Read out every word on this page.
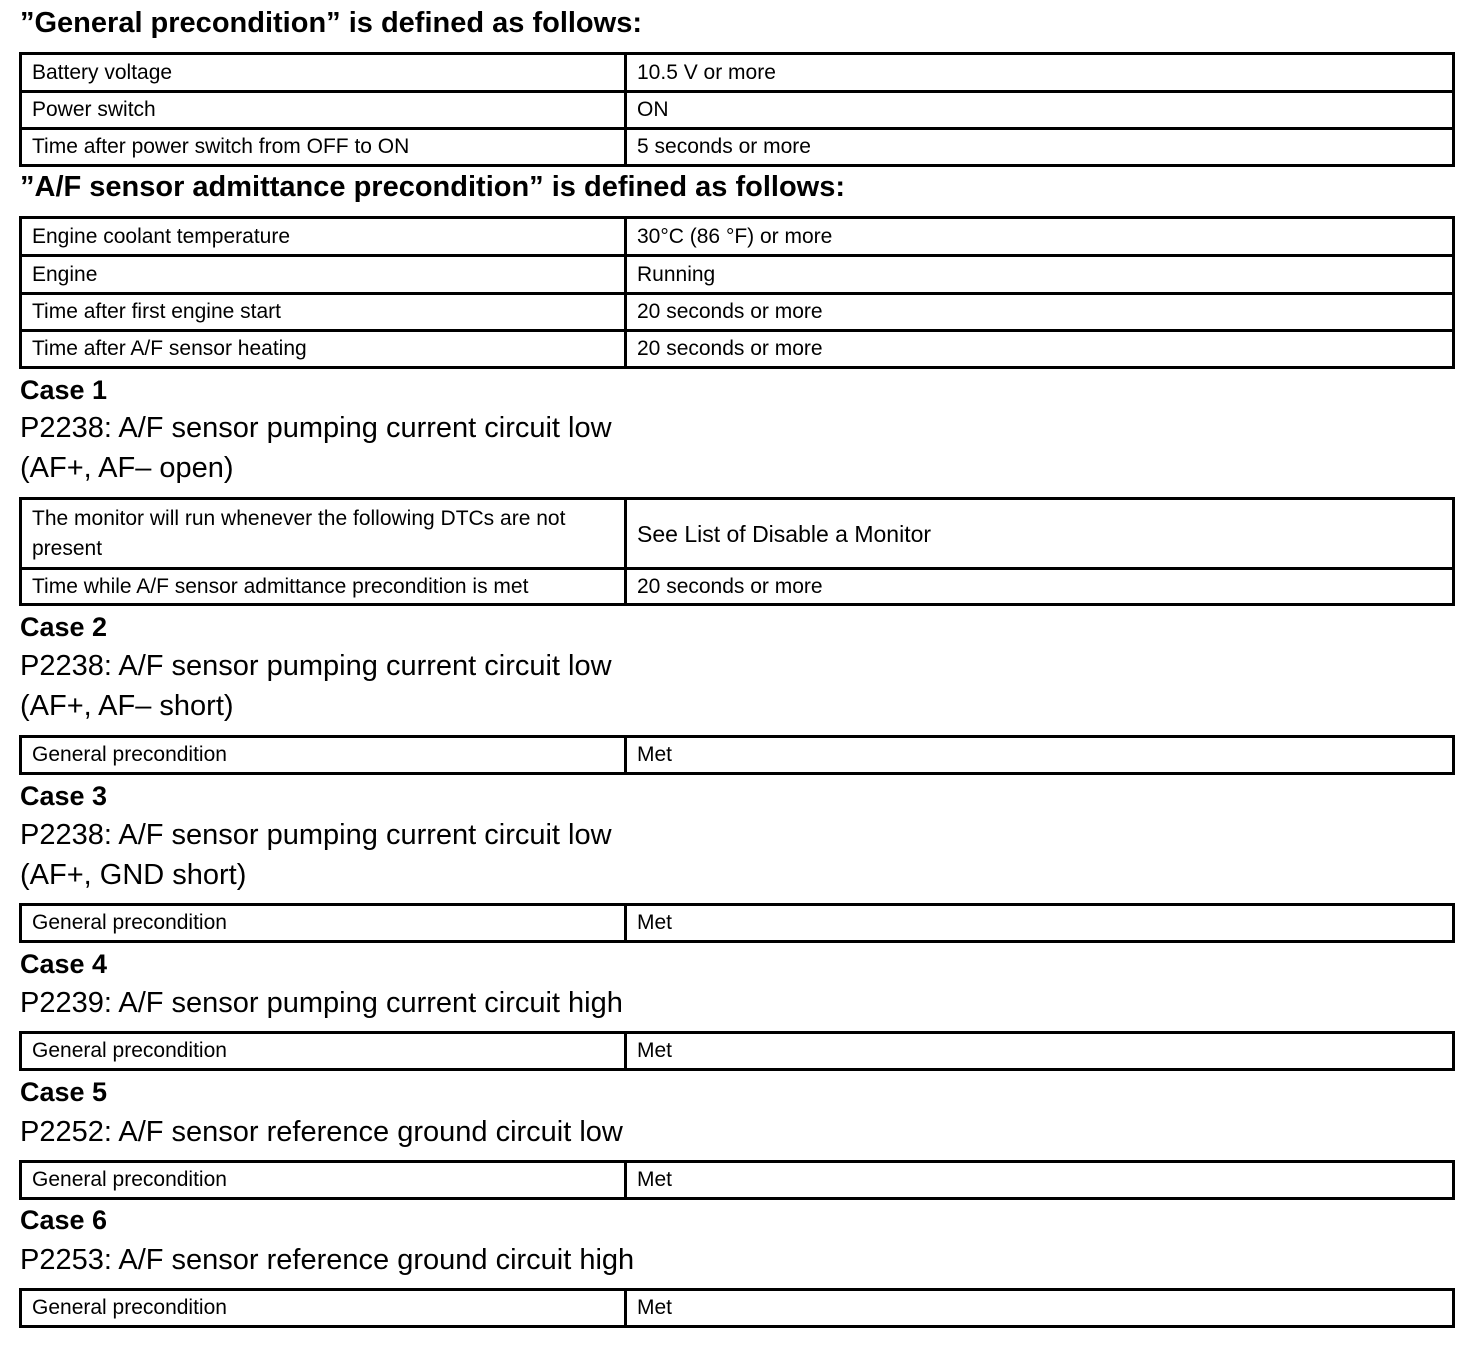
”General precondition” is defined as follows:
Battery voltage	10.5 V or more
Power switch	ON
Time after power switch from OFF to ON	5 seconds or more
”A/F sensor admittance precondition” is defined as follows:
Engine coolant temperature	30°C (86 °F) or more
Engine	Running
Time after first engine start	20 seconds or more
Time after A/F sensor heating	20 seconds or more
Case 1
P2238: A/F sensor pumping current circuit low
(AF+, AF– open)
The monitor will run whenever the following DTCs are not present	See List of Disable a Monitor
Time while A/F sensor admittance precondition is met	20 seconds or more
Case 2
P2238: A/F sensor pumping current circuit low
(AF+, AF– short)
General precondition	Met
Case 3
P2238: A/F sensor pumping current circuit low
(AF+, GND short)
General precondition	Met
Case 4
P2239: A/F sensor pumping current circuit high
General precondition	Met
Case 5
P2252: A/F sensor reference ground circuit low
General precondition	Met
Case 6
P2253: A/F sensor reference ground circuit high
General precondition	Met
